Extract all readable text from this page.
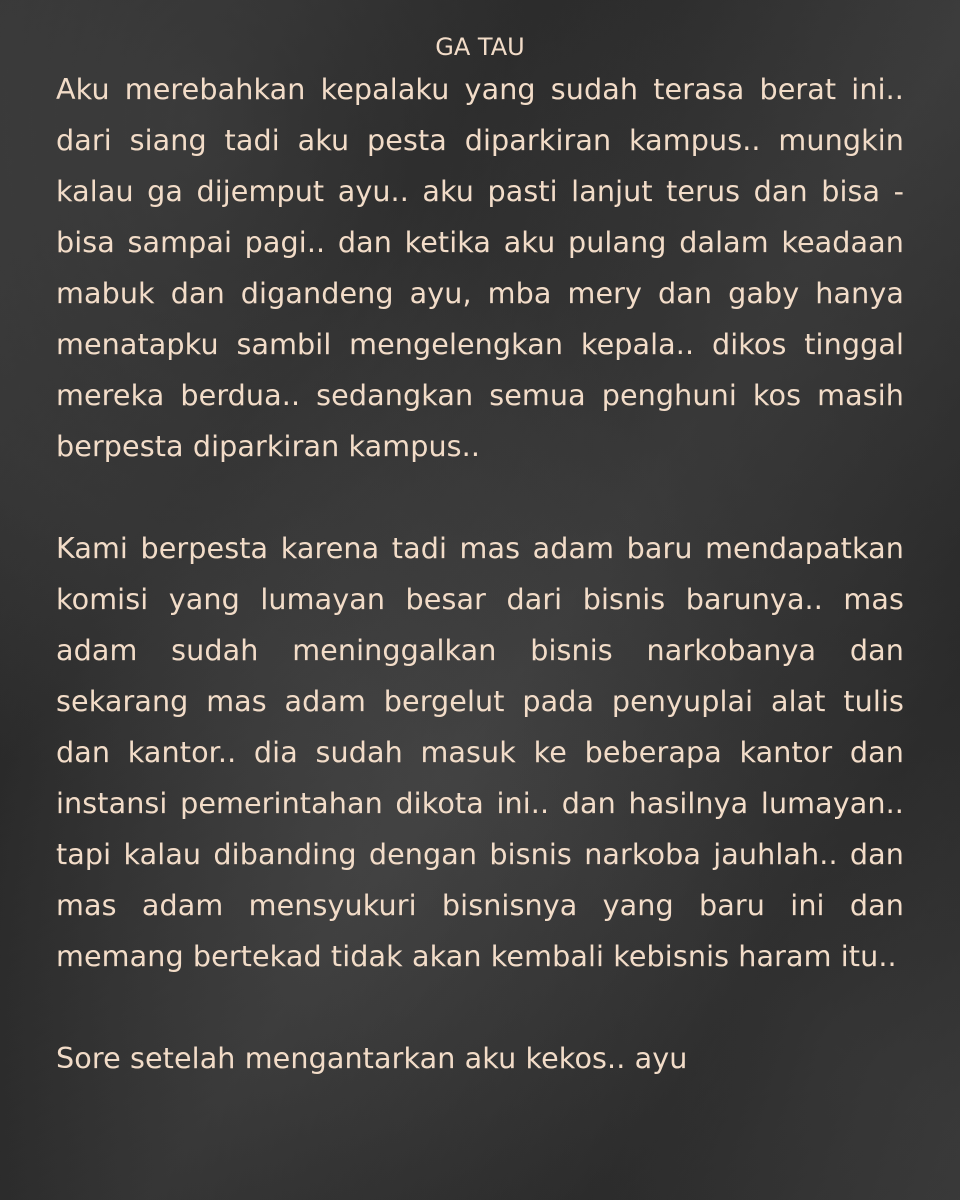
GA TAU

Aku merebahkan kepalaku yang sudah terasa berat ini.. dari siang tadi aku pesta diparkiran kampus.. mungkin kalau ga dijemput ayu.. aku pasti lanjut terus dan bisa - bisa sampai pagi.. dan ketika aku pulang dalam keadaan mabuk dan digandeng ayu, mba mery dan gaby hanya menatapku sambil mengelengkan kepala.. dikos tinggal mereka berdua.. sedangkan semua penghuni kos masih berpesta diparkiran kampus..

Kami berpesta karena tadi mas adam baru mendapatkan komisi yang lumayan besar dari bisnis barunya.. mas adam sudah meninggalkan bisnis narkobanya dan sekarang mas adam bergelut pada penyuplai alat tulis dan kantor.. dia sudah masuk ke beberapa kantor dan instansi pemerintahan dikota ini.. dan hasilnya lumayan.. tapi kalau dibanding dengan bisnis narkoba jauhlah.. dan mas adam mensyukuri bisnisnya yang baru ini dan memang bertekad tidak akan kembali kebisnis haram itu..

Sore setelah mengantarkan aku kekos.. ayu
